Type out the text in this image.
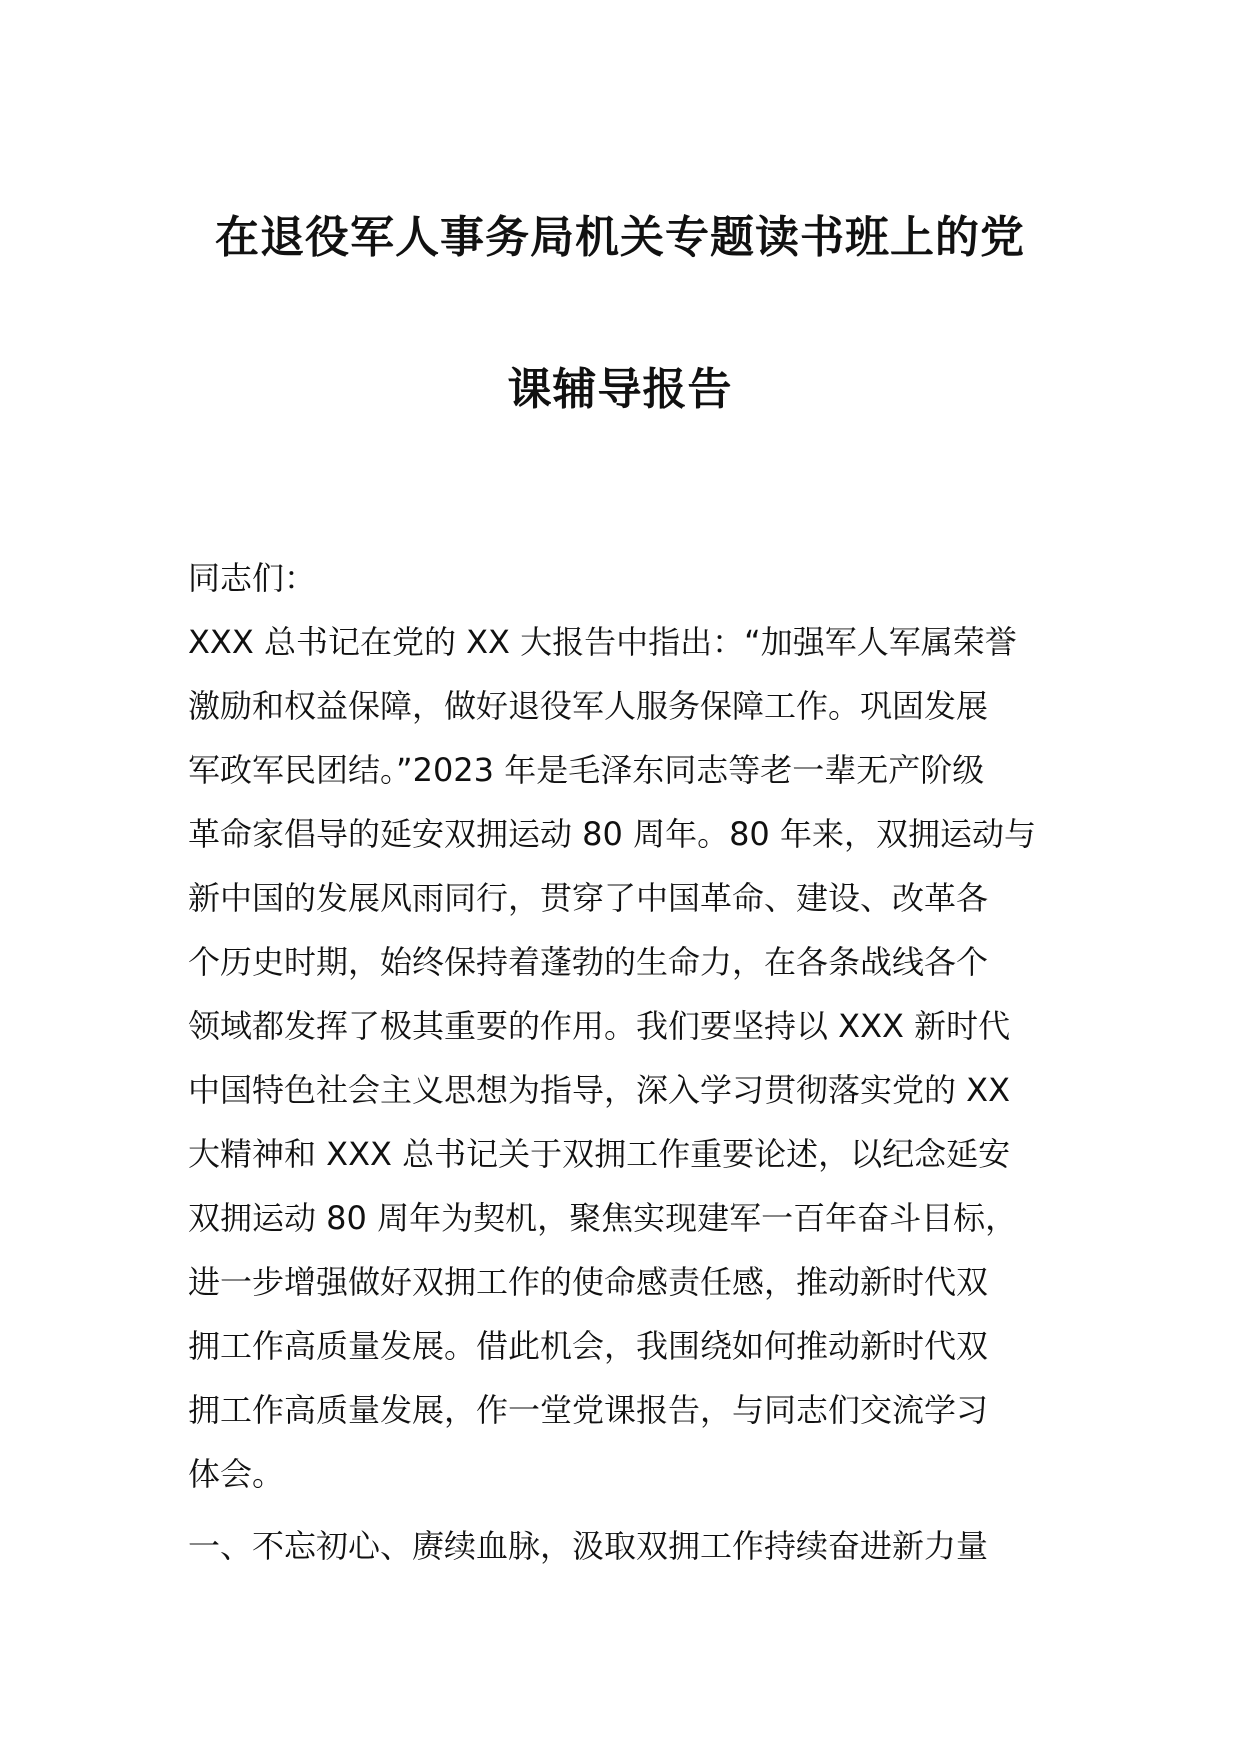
在退役军人事务局机关专题读书班上的党
课辅导报告
同志们：
XXX 总书记在党的 XX 大报告中指出：“加强军人军属荣誉
激励和权益保障，做好退役军人服务保障工作。巩固发展
军政军民团结。”2023 年是毛泽东同志等老一辈无产阶级
革命家倡导的延安双拥运动 80 周年。80 年来，双拥运动与
新中国的发展风雨同行，贯穿了中国革命、建设、改革各
个历史时期，始终保持着蓬勃的生命力，在各条战线各个
领域都发挥了极其重要的作用。我们要坚持以 XXX 新时代
中国特色社会主义思想为指导，深入学习贯彻落实党的 XX
大精神和 XXX 总书记关于双拥工作重要论述，以纪念延安
双拥运动 80 周年为契机，聚焦实现建军一百年奋斗目标，
进一步增强做好双拥工作的使命感责任感，推动新时代双
拥工作高质量发展。借此机会，我围绕如何推动新时代双
拥工作高质量发展，作一堂党课报告，与同志们交流学习
体会。
一、不忘初心、赓续血脉，汲取双拥工作持续奋进新力量
